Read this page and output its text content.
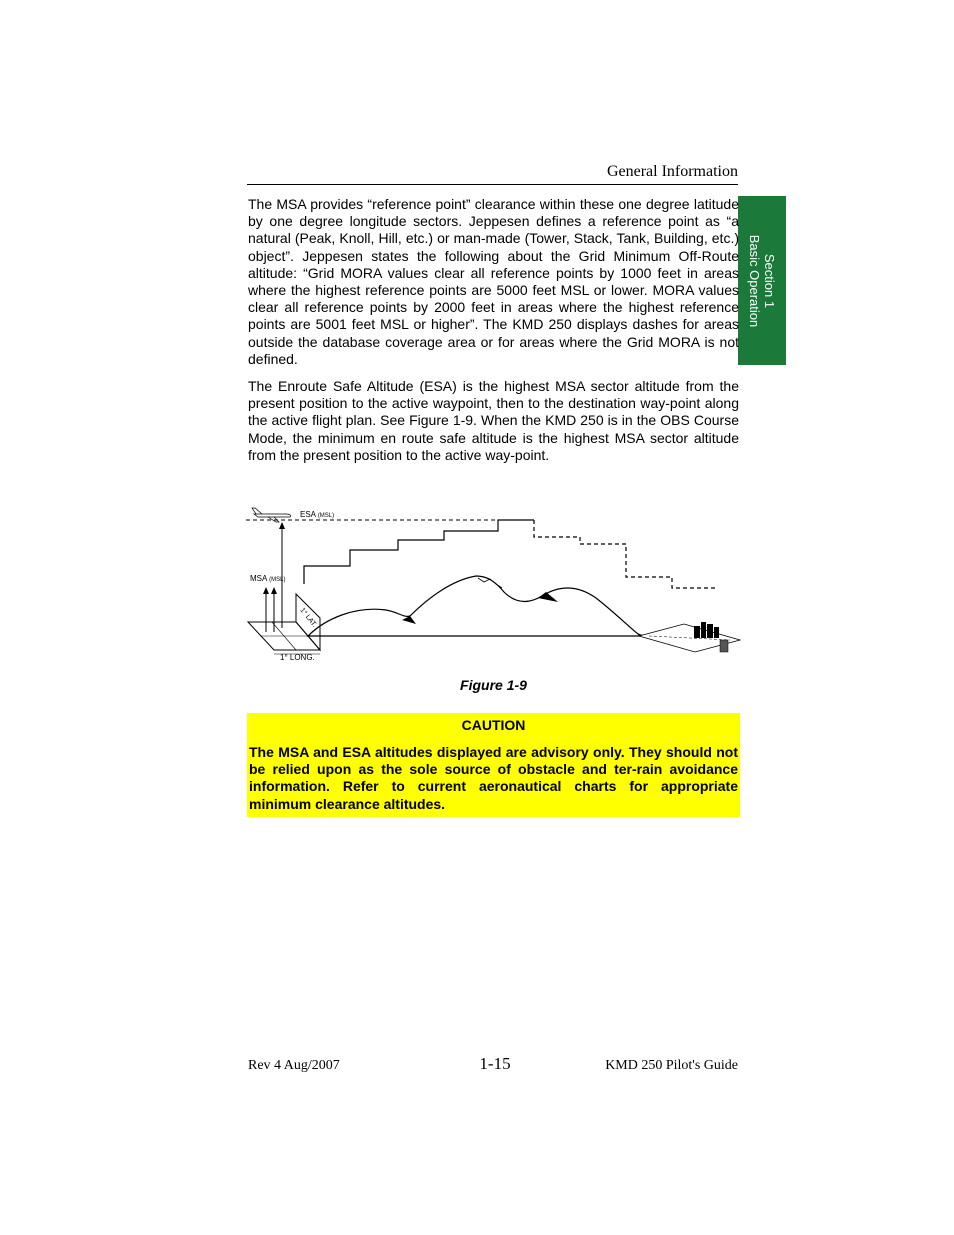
General Information
Section 1
Basic Operation

The MSA provides “reference point” clearance within these one degree latitude by one degree longitude sectors. Jeppesen defines a reference point as “a natural (Peak, Knoll, Hill, etc.) or man-made (Tower, Stack, Tank, Building, etc.) object”. Jeppesen states the following about the Grid Minimum Off-Route altitude: “Grid MORA values clear all reference points by 1000 feet in areas where the highest reference points are 5000 feet MSL or lower. MORA values clear all reference points by 2000 feet in areas where the highest reference points are 5001 feet MSL or higher”. The KMD 250 displays dashes for areas outside the database coverage area or for areas where the Grid MORA is not defined.

The Enroute Safe Altitude (ESA) is the highest MSA sector altitude from the present position to the active waypoint, then to the destination way-point along the active flight plan. See Figure 1-9. When the KMD 250 is in the OBS Course Mode, the minimum en route safe altitude is the highest MSA sector altitude from the present position to the active way-point.

1° LAT.
1° LONG.
ESA (MSL)
MSA (MSL)
Figure 1-9
CAUTION
The MSA and ESA altitudes displayed are advisory only. They should not be relied upon as the sole source of obstacle and ter-rain avoidance information. Refer to current aeronautical charts for appropriate minimum clearance altitudes.
Rev 4 Aug/2007	1-15	KMD 250 Pilot's Guide
